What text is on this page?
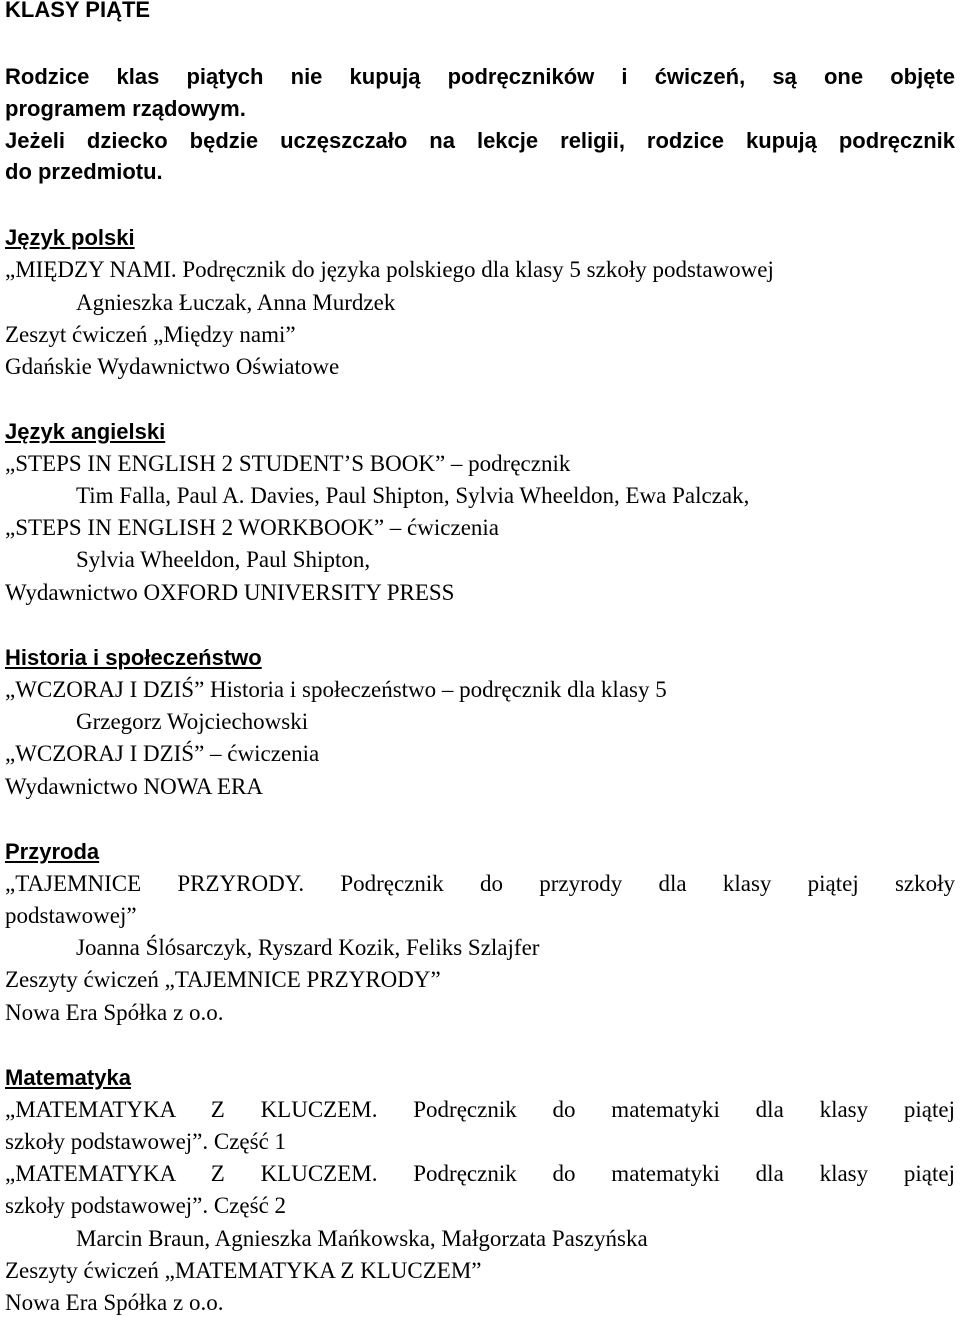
KLASY PIĄTE
Rodzice klas piątych nie kupują podręczników i ćwiczeń, są one objęte
programem rządowym.
Jeżeli dziecko będzie uczęszczało na lekcje religii, rodzice kupują podręcznik
do przedmiotu.
Język polski
„MIĘDZY NAMI. Podręcznik do języka polskiego dla klasy 5 szkoły podstawowej
Agnieszka Łuczak, Anna Murdzek
Zeszyt ćwiczeń „Między nami”
Gdańskie Wydawnictwo Oświatowe
Język angielski
„STEPS IN ENGLISH 2 STUDENT’S BOOK” – podręcznik
Tim Falla, Paul A. Davies, Paul Shipton, Sylvia Wheeldon, Ewa Palczak,
„STEPS IN ENGLISH 2 WORKBOOK” – ćwiczenia
Sylvia Wheeldon, Paul Shipton,
Wydawnictwo OXFORD UNIVERSITY PRESS
Historia i społeczeństwo
„WCZORAJ I DZIŚ” Historia i społeczeństwo – podręcznik dla klasy 5
Grzegorz Wojciechowski
„WCZORAJ I DZIŚ” – ćwiczenia
Wydawnictwo NOWA ERA
Przyroda
„TAJEMNICE PRZYRODY. Podręcznik do przyrody dla klasy piątej szkoły
podstawowej”
Joanna Ślósarczyk, Ryszard Kozik, Feliks Szlajfer
Zeszyty ćwiczeń „TAJEMNICE PRZYRODY”
Nowa Era Spółka z o.o.
Matematyka
„MATEMATYKA Z KLUCZEM. Podręcznik do matematyki dla klasy piątej
szkoły podstawowej”. Część 1
„MATEMATYKA Z KLUCZEM. Podręcznik do matematyki dla klasy piątej
szkoły podstawowej”. Część 2
Marcin Braun, Agnieszka Mańkowska, Małgorzata Paszyńska
Zeszyty ćwiczeń „MATEMATYKA Z KLUCZEM”
Nowa Era Spółka z o.o.
